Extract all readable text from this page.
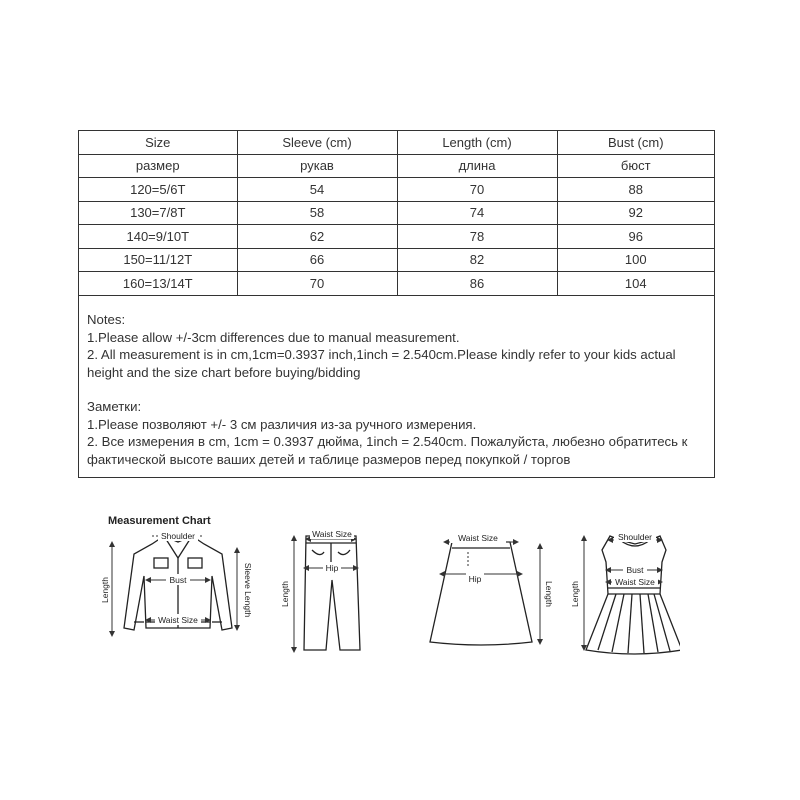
Size	Sleeve (cm)	Length (cm)	Bust (cm)
размер	рукав	длина	бюст
120=5/6T	54	70	88
130=7/8T	58	74	92
140=9/10T	62	78	96
150=11/12T	66	82	100
160=13/14T	70	86	104

Notes:

1.Please allow +/-3cm differences due to manual measurement.

2. All measurement is in cm,1cm=0.3937 inch,1inch = 2.540cm.Please kindly refer to your kids actual height and the size chart before buying/bidding

Заметки:

1.Please позволяют +/- 3 см различия из-за ручного измерения.

2. Все измерения в cm, 1cm = 0.3937 дюйма, 1inch = 2.540cm. Пожалуйста, любезно обратитесь к фактической высоте ваших детей и таблице размеров перед покупкой / торгов

Measurement Chart
Shoulder
Bust
Waist Size
Length	Sleeve Length
Waist Size
Hip
Length
Waist Size
Hip
Length
Shoulder
Bust
Waist Size
Length
